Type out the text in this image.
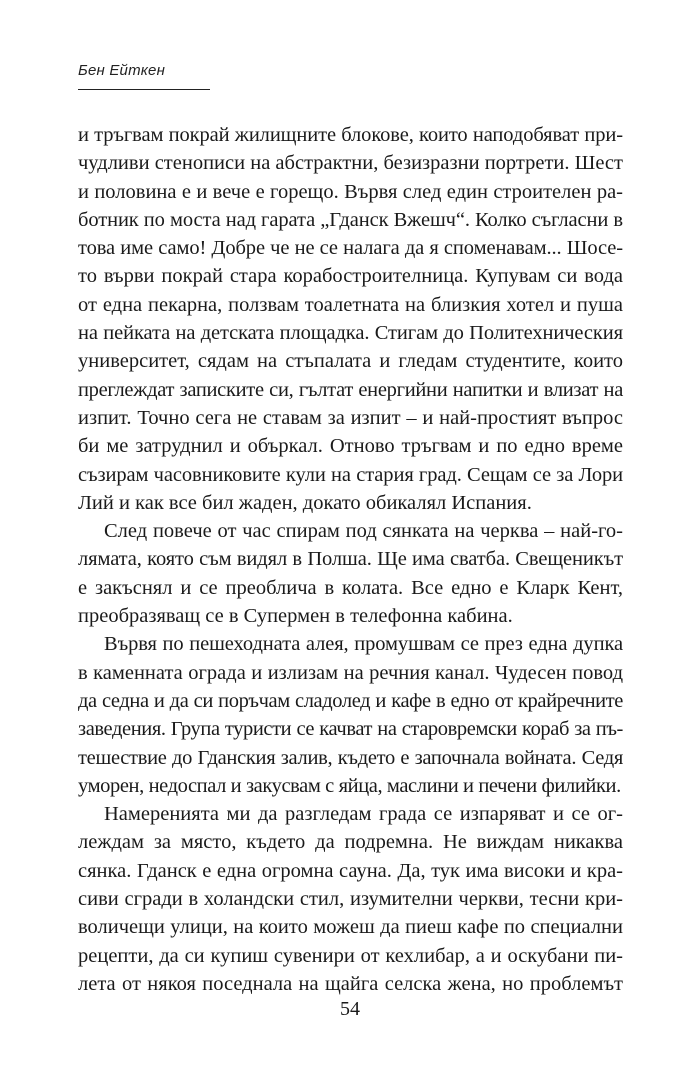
Бен Ейткен
и тръгвам покрай жилищните блокове, които наподобяват при-
чудливи стенописи на абстрактни, безизразни портрети. Шест
и половина е и вече е горещо. Вървя след един строителен ра-
ботник по моста над гарата „Гданск Вжешч“. Колко съгласни в
това име само! Добре че не се налага да я споменавам... Шосе-
то върви покрай стара корабостроителница. Купувам си вода
от една пекарна, ползвам тоалетната на близкия хотел и пуша
на пейката на детската площадка. Стигам до Политехническия
университет, сядам на стъпалата и гледам студентите, които
преглеждат записките си, гълтат енергийни напитки и влизат на
изпит. Точно сега не ставам за изпит – и най-простият въпрос
би ме затруднил и объркал. Отново тръгвам и по едно време
съзирам часовниковите кули на стария град. Сещам се за Лори
Лий и как все бил жаден, докато обикалял Испания.
След повече от час спирам под сянката на черква – най-го-
лямата, която съм видял в Полша. Ще има сватба. Свещеникът
е закъснял и се преоблича в колата. Все едно е Кларк Кент,
преобразяващ се в Супермен в телефонна кабина.
Вървя по пешеходната алея, промушвам се през една дупка
в каменната ограда и излизам на речния канал. Чудесен повод
да седна и да си поръчам сладолед и кафе в едно от крайречните
заведения. Група туристи се качват на старовремски кораб за пъ-
тешествие до Гданския залив, където е започнала войната. Седя
уморен, недоспал и закусвам с яйца, маслини и печени филийки.
Намеренията ми да разгледам града се изпаряват и се ог-
леждам за място, където да подремна. Не виждам никаква
сянка. Гданск е една огромна сауна. Да, тук има високи и кра-
сиви сгради в холандски стил, изумителни черкви, тесни кри-
воличещи улици, на които можеш да пиеш кафе по специални
рецепти, да си купиш сувенири от кехлибар, а и оскубани пи-
лета от някоя поседнала на щайга селска жена, но проблемът
54
